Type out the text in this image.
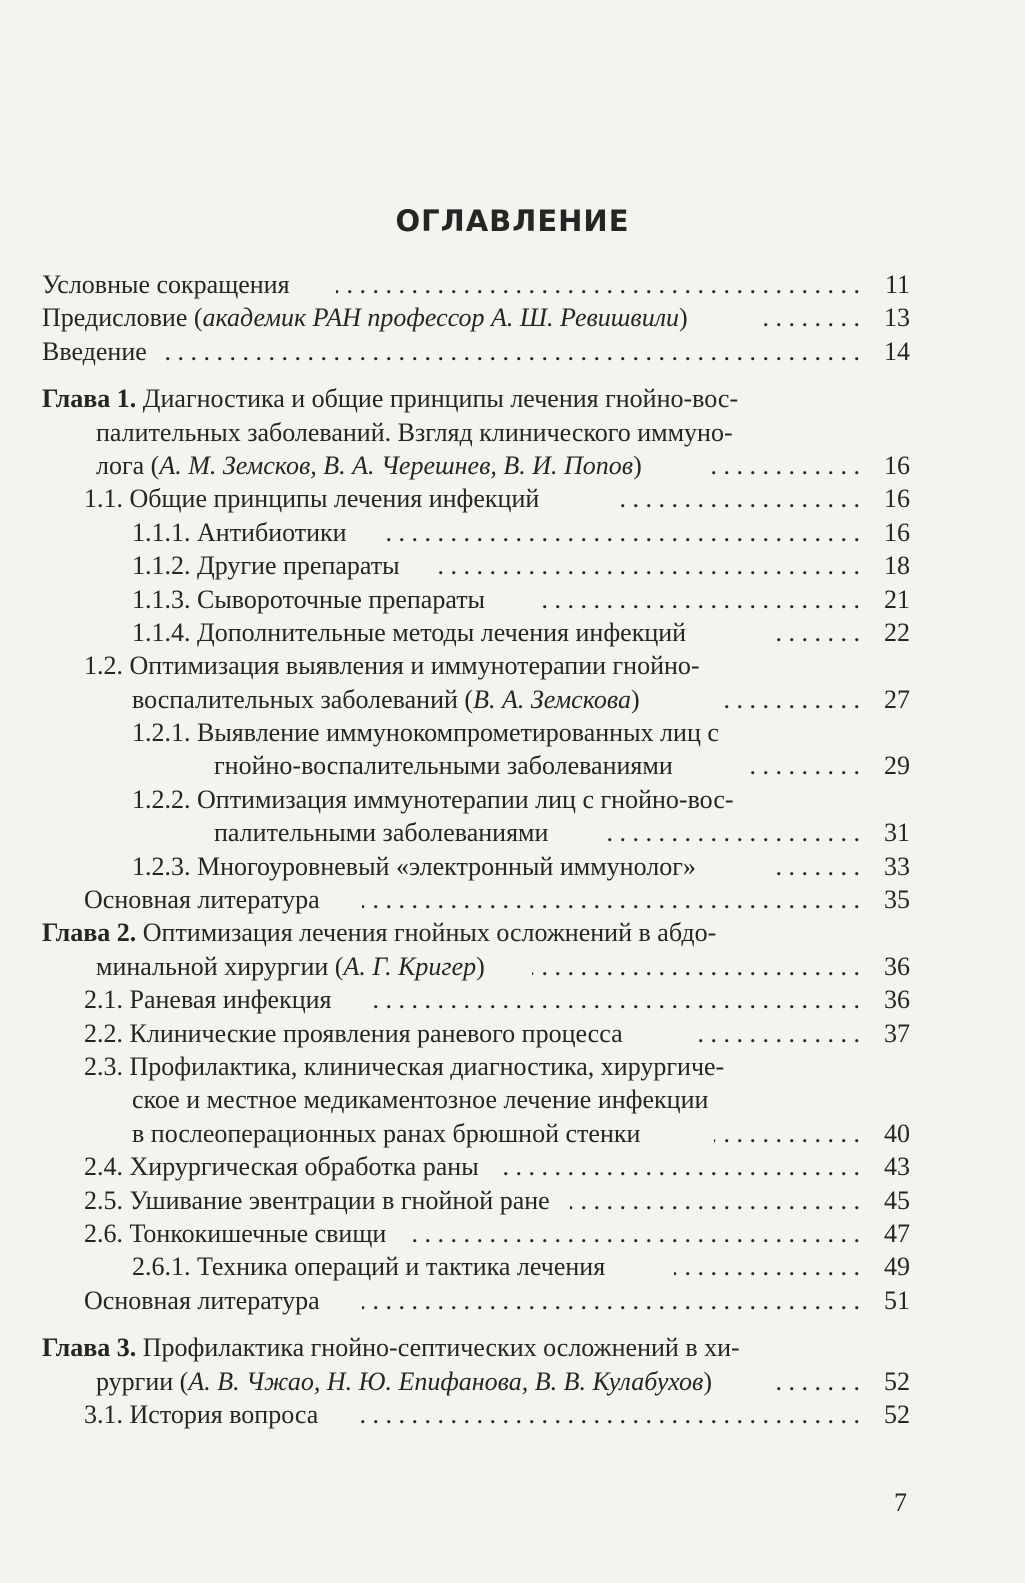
ОГЛАВЛЕНИЕ
Условные сокращения . . .	11
Предисловие (академик РАН профессор А. Ш. Ревишвили) . . .	13
Введение . . .	14
Глава 1. Диагностика и общие принципы лечения гнойно-вос-
палительных заболеваний. Взгляд клинического иммуно-
лога (А. М. Земсков, В. А. Черешнев, В. И. Попов) . . .	16
1.1. Общие принципы лечения инфекций . . .	16
1.1.1. Антибиотики . . .	16
1.1.2. Другие препараты . . .	18
1.1.3. Сывороточные препараты . . .	21
1.1.4. Дополнительные методы лечения инфекций . . .	22
1.2. Оптимизация выявления и иммунотерапии гнойно-
воспалительных заболеваний (В. А. Земскова) . . .	27
1.2.1. Выявление иммунокомпрометированных лиц с
гнойно-воспалительными заболеваниями . . .	29
1.2.2. Оптимизация иммунотерапии лиц с гнойно-вос-
палительными заболеваниями . . .	31
1.2.3. Многоуровневый «электронный иммунолог» . . .	33
Основная литература . . .	35
Глава 2. Оптимизация лечения гнойных осложнений в абдо-
минальной хирургии (А. Г. Кригер) . . .	36
2.1. Раневая инфекция . . .	36
2.2. Клинические проявления раневого процесса . . .	37
2.3. Профилактика, клиническая диагностика, хирургиче-
ское и местное медикаментозное лечение инфекции
в послеоперационных ранах брюшной стенки . . .	40
2.4. Хирургическая обработка раны . . .	43
2.5. Ушивание эвентрации в гнойной ране . . .	45
2.6. Тонкокишечные свищи . . .	47
2.6.1. Техника операций и тактика лечения . . .	49
Основная литература . . .	51
Глава 3. Профилактика гнойно-септических осложнений в хи-
рургии (А. В. Чжао, Н. Ю. Епифанова, В. В. Кулабухов) . . .	52
3.1. История вопроса . . .	52
7
